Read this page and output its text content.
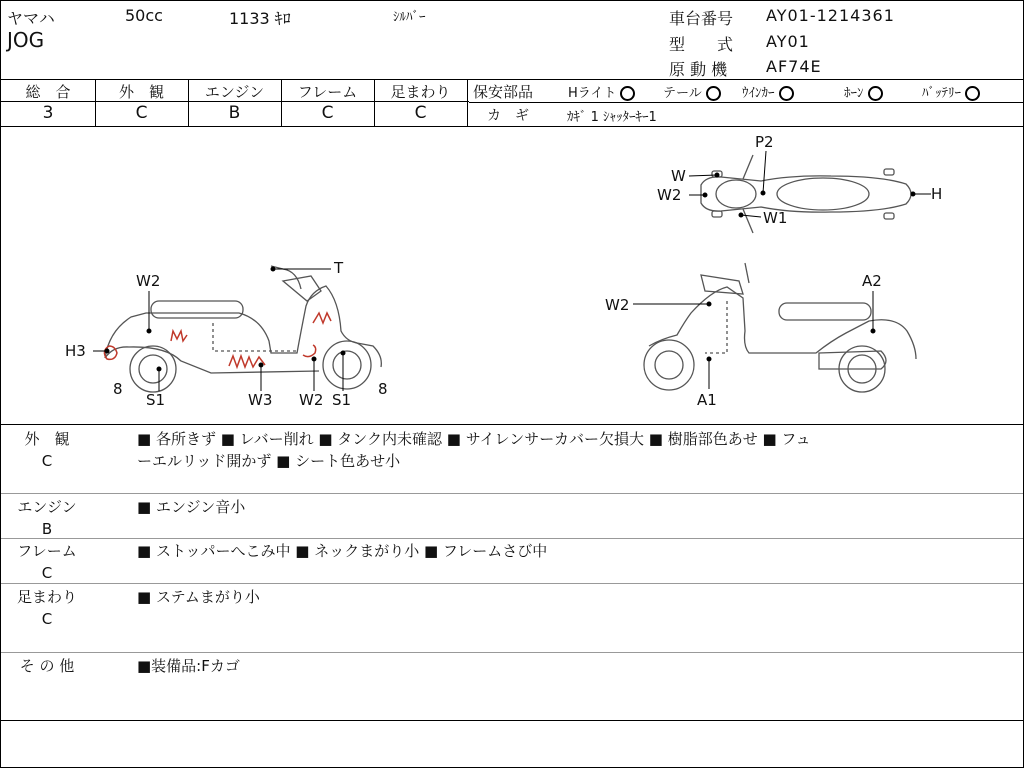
ヤマハ	50cc	1133 ｷﾛ	ｼﾙﾊﾞｰ
JOG
車台番号 AY01-1214361
型　　式 AY01
原 動 機 AF74E
総　合	外　観	エンジン	フレーム	足まわり
3	C	B	C	C
保安部品	Hライト	テール	ｳｲﾝｶｰ	ﾎｰﾝ	ﾊﾞｯﾃﾘｰ
カ　ギ	ｶｷﾞ 1 ｼｬｯﾀｰｷｰ1
P2
W
W2
W1
H
T
W2
H3
8
S1	W3 W2 S1
8
W2
A2
A1
外　観
C
■ 各所きず ■ レバー削れ ■ タンク内未確認 ■ サイレンサーカバー欠損大 ■ 樹脂部色あせ ■ フュ
ーエルリッド開かず ■ シート色あせ小
エンジン
B
■ エンジン音小
フレーム
C
■ ストッパーへこみ中 ■ ネックまがり小 ■ フレームさび中
足まわり
C
■ ステムまがり小
そ の 他	■装備品:Fカゴ
